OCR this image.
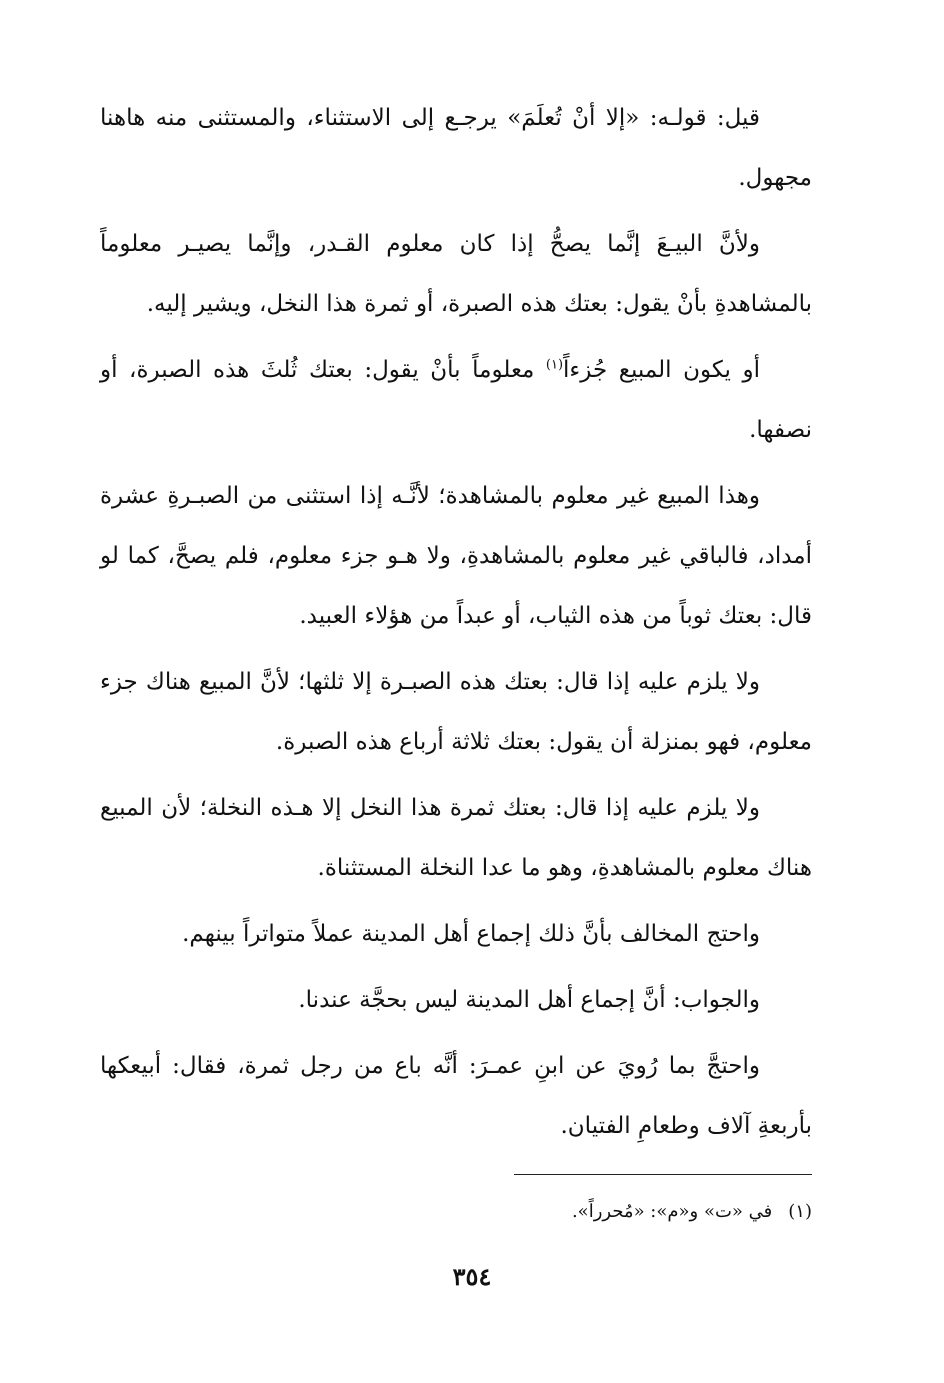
قيل: قولـه: «إلا أنْ تُعلَمَ» يرجـع إلى الاستثناء، والمستثنى منه هاهنا مجهول.

ولأنَّ البيـعَ إنَّما يصحُّ إذا كان معلوم القـدر، وإنَّما يصيـر معلوماً بالمشاهدةِ بأنْ يقول: بعتك هذه الصبرة، أو ثمرة هذا النخل، ويشير إليه.

أو يكون المبيع جُزءاً$^{(١)}$ معلوماً بأنْ يقول: بعتك ثُلثَ هذه الصبرة، أو نصفها.

وهذا المبيع غير معلوم بالمشاهدة؛ لأنَّـه إذا استثنى من الصبـرةِ عشرة أمداد، فالباقي غير معلوم بالمشاهدةِ، ولا هـو جزء معلوم، فلم يصحَّ، كما لو قال: بعتك ثوباً من هذه الثياب، أو عبداً من هؤلاء العبيد.

ولا يلزم عليه إذا قال: بعتك هذه الصبـرة إلا ثلثها؛ لأنَّ المبيع هناك جزء معلوم، فهو بمنزلة أن يقول: بعتك ثلاثة أرباع هذه الصبرة.

ولا يلزم عليه إذا قال: بعتك ثمرة هذا النخل إلا هـذه النخلة؛ لأن المبيع هناك معلوم بالمشاهدةِ، وهو ما عدا النخلة المستثناة.

واحتج المخالف بأنَّ ذلك إجماع أهل المدينة عملاً متواتراً بينهم.

والجواب: أنَّ إجماع أهل المدينة ليس بحجَّة عندنا.

واحتجَّ بما رُويَ عن ابنِ عمـرَ: أنَّه باع من رجل ثمرة، فقال: أبيعكها بأربعةِ آلاف وطعامِ الفتيان.

(١)في «ت» و«م»: «مُحرراً».
٣٥٤
